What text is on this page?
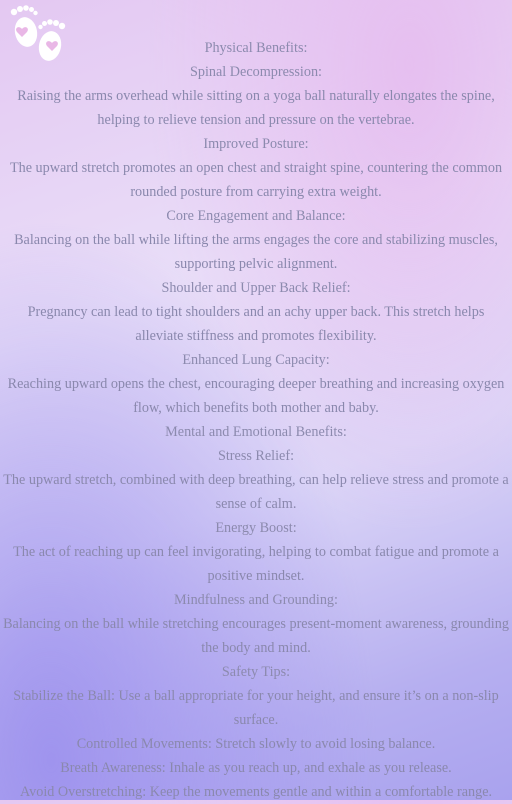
Physical Benefits:

Spinal Decompression:

Raising the arms overhead while sitting on a yoga ball naturally elongates the spine, helping to relieve tension and pressure on the vertebrae.

Improved Posture:

The upward stretch promotes an open chest and straight spine, countering the common rounded posture from carrying extra weight.

Core Engagement and Balance:

Balancing on the ball while lifting the arms engages the core and stabilizing muscles, supporting pelvic alignment.

Shoulder and Upper Back Relief:

Pregnancy can lead to tight shoulders and an achy upper back. This stretch helps alleviate stiffness and promotes flexibility.

Enhanced Lung Capacity:

Reaching upward opens the chest, encouraging deeper breathing and increasing oxygen flow, which benefits both mother and baby.

Mental and Emotional Benefits:

Stress Relief:

The upward stretch, combined with deep breathing, can help relieve stress and promote a sense of calm.

Energy Boost:

The act of reaching up can feel invigorating, helping to combat fatigue and promote a positive mindset.

Mindfulness and Grounding:

Balancing on the ball while stretching encourages present-moment awareness, grounding the body and mind.

Safety Tips:

Stabilize the Ball: Use a ball appropriate for your height, and ensure it’s on a non-slip surface.

Controlled Movements: Stretch slowly to avoid losing balance.

Breath Awareness: Inhale as you reach up, and exhale as you release.

Avoid Overstretching: Keep the movements gentle and within a comfortable range.
